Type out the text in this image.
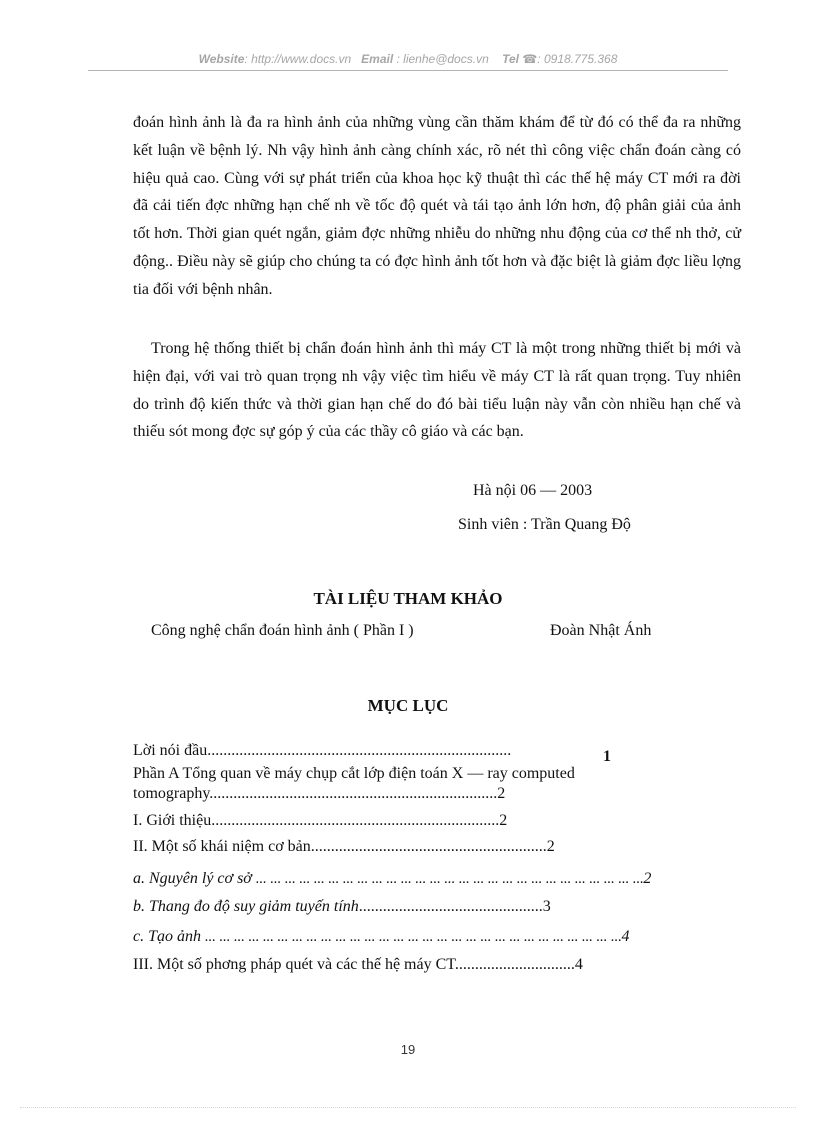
Website: http://www.docs.vn Email : lienhe@docs.vn Tel ☎: 0918.775.368

đoán hình ảnh là đa ra hình ảnh của những vùng cần thăm khám để từ đó có thể đa ra những kết luận về bệnh lý. Nh vậy hình ảnh càng chính xác, rõ nét thì công việc chẩn đoán càng có hiệu quả cao. Cùng với sự phát triển của khoa học kỹ thuật thì các thế hệ máy CT mới ra đời đã cải tiến đợc những hạn chế nh về tốc độ quét và tái tạo ảnh lớn hơn, độ phân giải của ảnh tốt hơn. Thời gian quét ngắn, giảm đợc những nhiễu do những nhu động của cơ thể nh thở, cử động.. Điều này sẽ giúp cho chúng ta có đợc hình ảnh tốt hơn và đặc biệt là giảm đợc liều lợng tia đối với bệnh nhân.

Trong hệ thống thiết bị chẩn đoán hình ảnh thì máy CT là một trong những thiết bị mới và hiện đại, với vai trò quan trọng nh vậy việc tìm hiểu về máy CT là rất quan trọng. Tuy nhiên do trình độ kiến thức và thời gian hạn chế do đó bài tiểu luận này vẫn còn nhiều hạn chế và thiếu sót mong đợc sự góp ý của các thầy cô giáo và các bạn.

Hà nội 06 — 2003
Sinh viên : Trần Quang Độ
TÀI LIỆU THAM KHẢO
Công nghệ chẩn đoán hình ảnh ( Phần I )	Đoàn Nhật Ánh
MỤC LỤC
Lời nói đầu............................................................................	1
Phần A Tổng quan về máy chụp cắt lớp điện toán X — ray computed
tomography........................................................................2
I. Giới thiệu........................................................................2
II. Một số khái niệm cơ bản...........................................................2
a. Nguyên lý cơ sở ... ... ... ... ... ... ... ... ... ... ... ... ... ... ... ... ... ... ... ... ... ... ... ... ... ... ...2
b. Thang đo độ suy giảm tuyến tính..............................................3
c. Tạo ảnh ... ... ... ... ... ... ... ... ... ... ... ... ... ... ... ... ... ... ... ... ... ... ... ... ... ... ... ... ...4
III. Một số phơng pháp quét và các thế hệ máy CT..............................4
19
